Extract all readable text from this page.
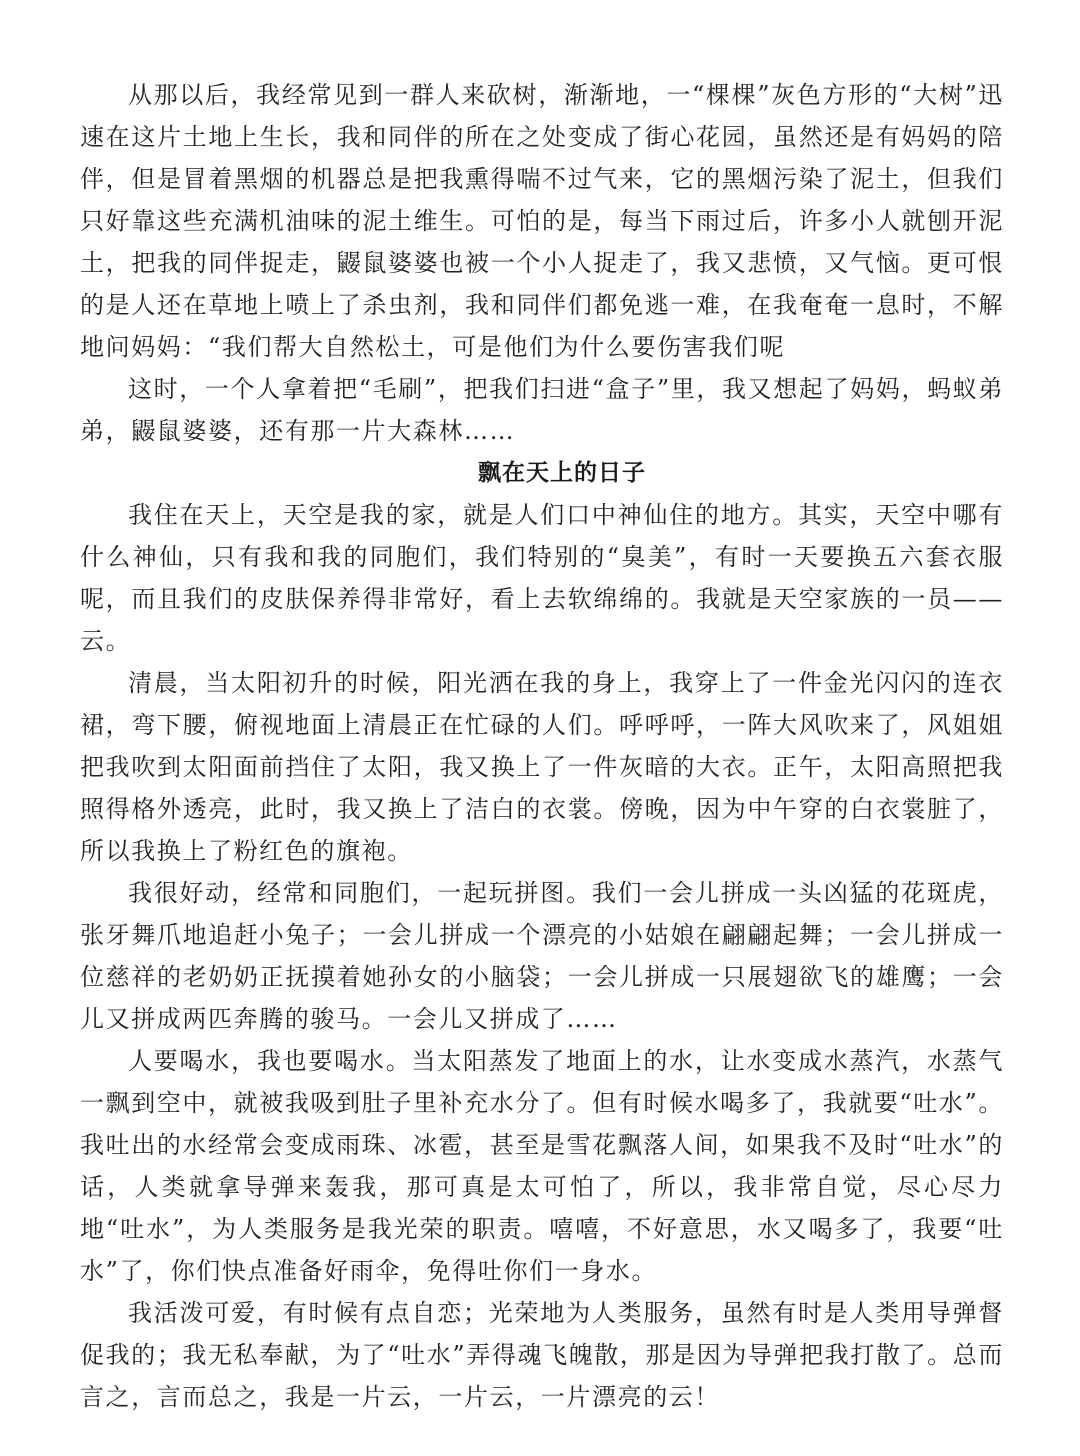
从那以后，我经常见到一群人来砍树，渐渐地，一“棵棵”灰色方形的“大树”迅速在这片土地上生长，我和同伴的所在之处变成了街心花园，虽然还是有妈妈的陪伴，但是冒着黑烟的机器总是把我熏得喘不过气来，它的黑烟污染了泥土，但我们只好靠这些充满机油味的泥土维生。可怕的是，每当下雨过后，许多小人就刨开泥土，把我的同伴捉走，鼹鼠婆婆也被一个小人捉走了，我又悲愤，又气恼。更可恨的是人还在草地上喷上了杀虫剂，我和同伴们都免逃一难，在我奄奄一息时，不解地问妈妈：“我们帮大自然松土，可是他们为什么要伤害我们呢

这时，一个人拿着把“毛刷”，把我们扫进“盒子”里，我又想起了妈妈，蚂蚁弟弟，鼹鼠婆婆，还有那一片大森林……

飘在天上的日子

我住在天上，天空是我的家，就是人们口中神仙住的地方。其实，天空中哪有什么神仙，只有我和我的同胞们，我们特别的“臭美”，有时一天要换五六套衣服呢，而且我们的皮肤保养得非常好，看上去软绵绵的。我就是天空家族的一员——云。

清晨，当太阳初升的时候，阳光洒在我的身上，我穿上了一件金光闪闪的连衣裙，弯下腰，俯视地面上清晨正在忙碌的人们。呼呼呼，一阵大风吹来了，风姐姐把我吹到太阳面前挡住了太阳，我又换上了一件灰暗的大衣。正午，太阳高照把我照得格外透亮，此时，我又换上了洁白的衣裳。傍晚，因为中午穿的白衣裳脏了，所以我换上了粉红色的旗袍。

我很好动，经常和同胞们，一起玩拼图。我们一会儿拼成一头凶猛的花斑虎，张牙舞爪地追赶小兔子；一会儿拼成一个漂亮的小姑娘在翩翩起舞；一会儿拼成一位慈祥的老奶奶正抚摸着她孙女的小脑袋；一会儿拼成一只展翅欲飞的雄鹰；一会儿又拼成两匹奔腾的骏马。一会儿又拼成了……

人要喝水，我也要喝水。当太阳蒸发了地面上的水，让水变成水蒸汽，水蒸气一飘到空中，就被我吸到肚子里补充水分了。但有时候水喝多了，我就要“吐水”。我吐出的水经常会变成雨珠、冰雹，甚至是雪花飘落人间，如果我不及时“吐水”的话，人类就拿导弹来轰我，那可真是太可怕了，所以，我非常自觉，尽心尽力地“吐水”，为人类服务是我光荣的职责。嘻嘻，不好意思，水又喝多了，我要“吐水”了，你们快点准备好雨伞，免得吐你们一身水。

我活泼可爱，有时候有点自恋；光荣地为人类服务，虽然有时是人类用导弹督促我的；我无私奉献，为了“吐水”弄得魂飞魄散，那是因为导弹把我打散了。总而言之，言而总之，我是一片云，一片云，一片漂亮的云！
